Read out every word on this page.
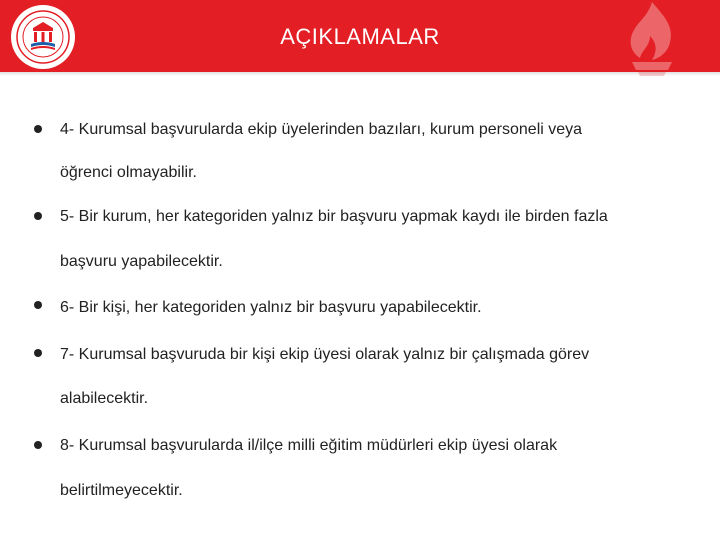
AÇIKLAMALAR
4- Kurumsal başvurularda ekip üyelerinden bazıları, kurum personeli veya
öğrenci olmayabilir.
5- Bir kurum, her kategoriden yalnız bir başvuru yapmak kaydı ile birden fazla
başvuru yapabilecektir.
6- Bir kişi, her kategoriden yalnız bir başvuru yapabilecektir.
7- Kurumsal başvuruda bir kişi ekip üyesi olarak yalnız bir çalışmada görev
alabilecektir.
8- Kurumsal başvurularda il/ilçe milli eğitim müdürleri ekip üyesi olarak
belirtilmeyecektir.
